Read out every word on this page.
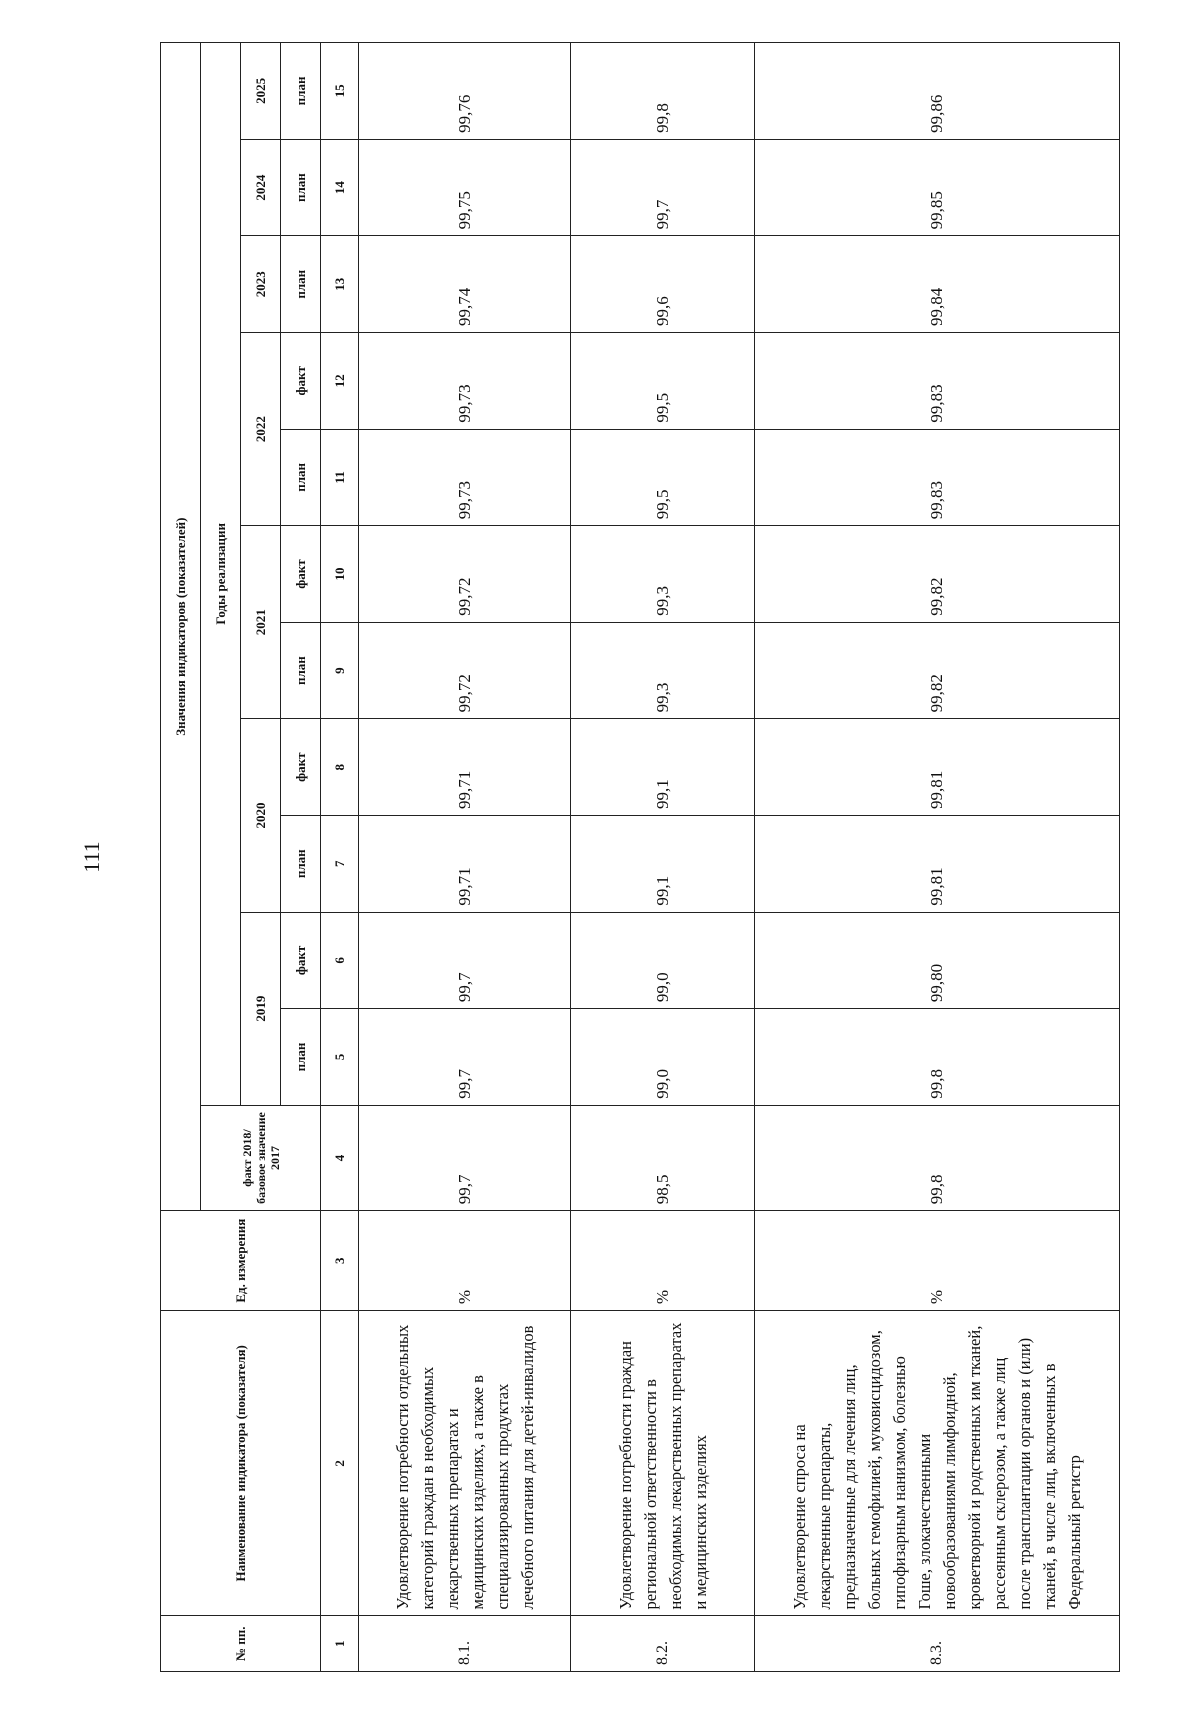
111
№ пп.	Наименование индикатора (показателя)	Ед. измерения	Значения индикаторов (показателей)											
			факт 2018/базовое значение 2017	Годы реализации										
				2019		2020		2021		2022		2023	2024	2025
				план	факт	план	факт	план	факт	план	факт	план	план	план
1	2	3	4	5	6	7	8	9	10	11	12	13	14	15
8.1.	Удовлетворение потребности отдельных категорий граждан в необходимых лекарственных препаратах и медицинских изделиях, а также в специализированных продуктах лечебного питания для детей-инвалидов	%	99,7	99,7	99,7	99,71	99,71	99,72	99,72	99,73	99,73	99,74	99,75	99,76
8.2.	Удовлетворение потребности граждан региональной ответственности в необходимых лекарственных препаратах и медицинских изделиях	%	98,5	99,0	99,0	99,1	99,1	99,3	99,3	99,5	99,5	99,6	99,7	99,8
8.3.	Удовлетворение спроса на лекарственные препараты, предназначенные для лечения лиц, больных гемофилией, муковисцидозом, гипофизарным нанизмом, болезнью Гоше, злокачественными новообразованиями лимфоидной, кроветворной и родственных им тканей, рассеянным склерозом, а также лиц после трансплантации органов и (или) тканей, в числе лиц, включенных в Федеральный регистр	%	99,8	99,8	99,80	99,81	99,81	99,82	99,82	99,83	99,83	99,84	99,85	99,86
